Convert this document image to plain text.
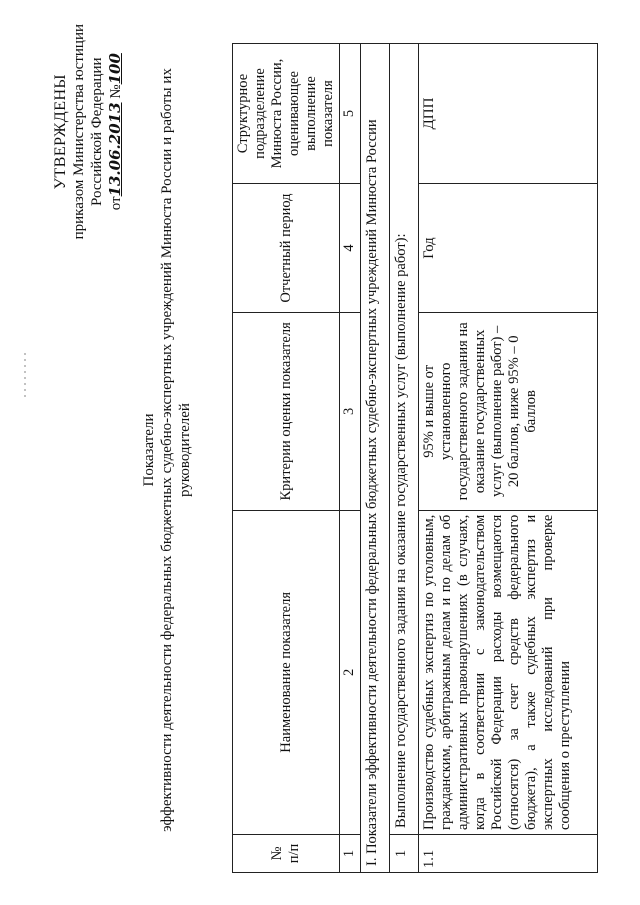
УТВЕРЖДЕНЫ приказом Министерства юстиции Российской Федерации от13.06.2013 №100
Показатели эффективности деятельности федеральных бюджетных судебно-экспертных учреждений Минюста России и работы их руководителей
№ п/п	Наименование показателя	Критерии оценки показателя	Отчетный период	Структурное подразделение Минюста России, оценивающее выполнение показателя
1	2	3	4	5
I. Показатели эффективности деятельности федеральных бюджетных судебно-экспертных учреждений Минюста России				
1	Выполнение государственного задания на оказание государственных услуг (выполнение работ):			
1.1	Производство судебных экспертиз по уголовным, гражданским, арбитражным делам и по делам об административных правонарушениях (в случаях, когда в соответствии с законодательством Российской Федерации расходы возмещаются (относятся) за счет средств федерального бюджета), а также судебных экспертиз и экспертных исследований при проверке сообщения о преступлении	95% и выше от установленного государственного задания на оказание государственных услуг (выполнение работ) – 20 баллов, ниже 95% – 0 баллов	Год	ДПП
